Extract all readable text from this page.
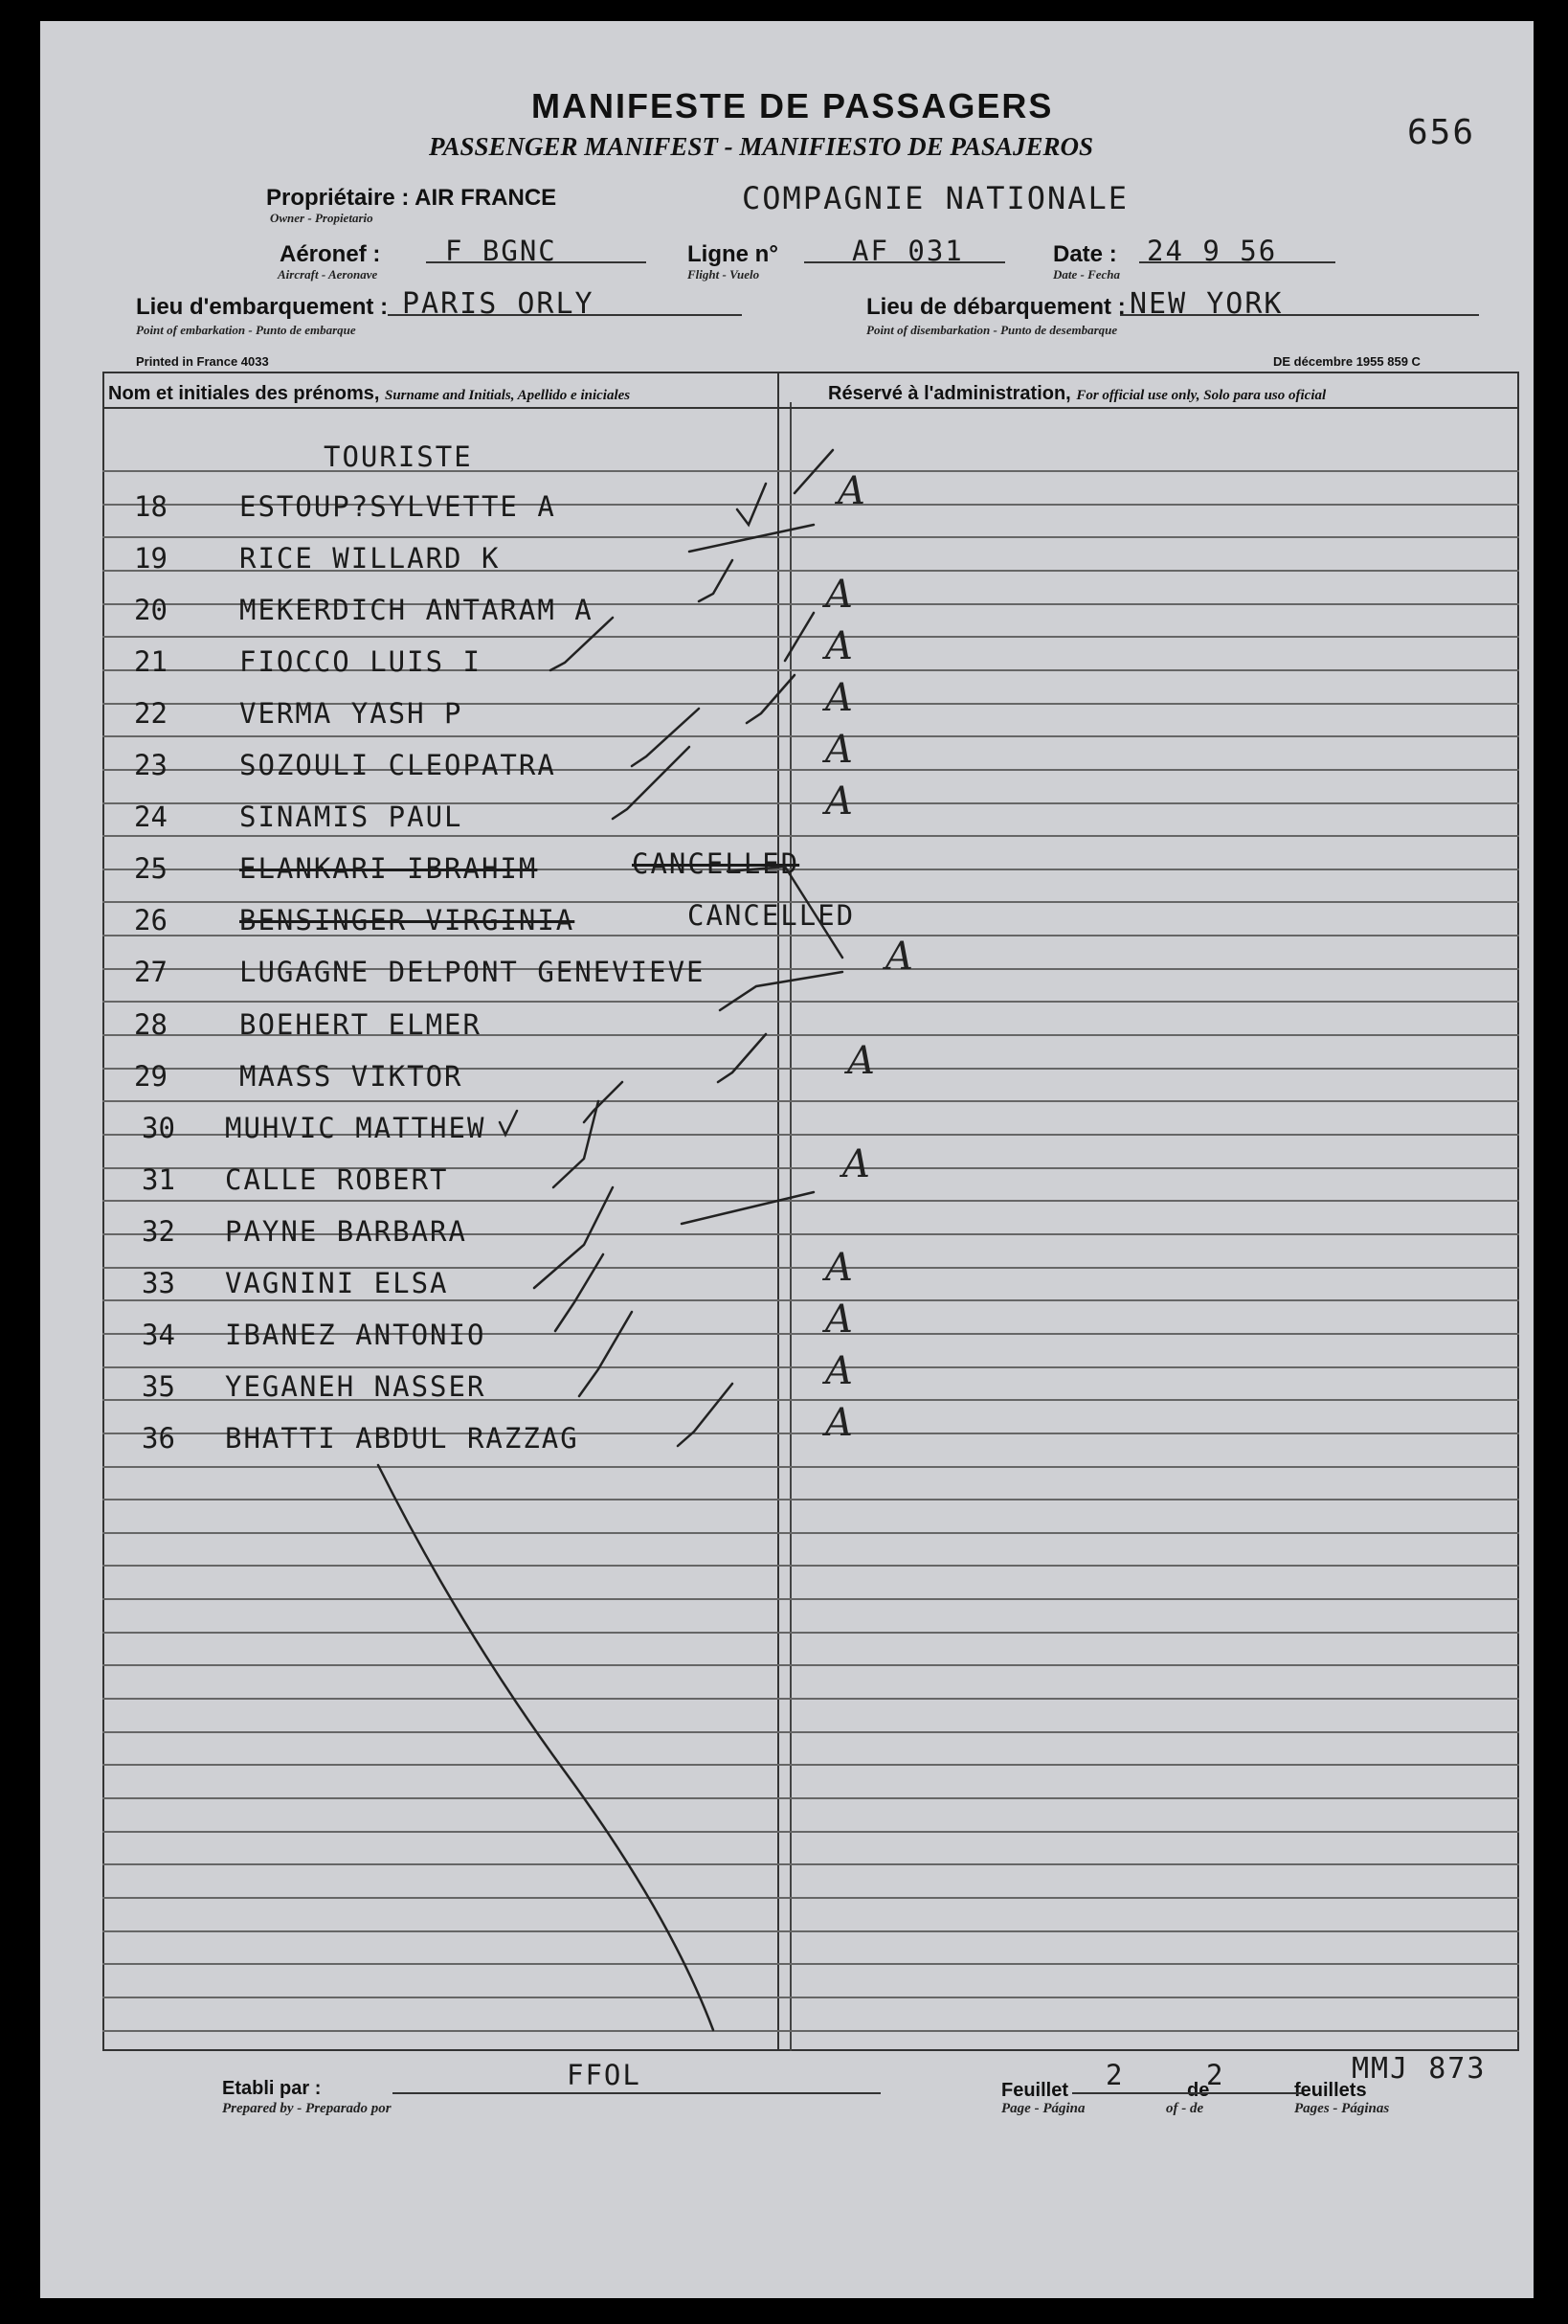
MANIFESTE DE PASSAGERS
PASSENGER MANIFEST - MANIFIESTO DE PASAJEROS	656
Propriétaire : AIR FRANCE
Owner - Propietario
COMPAGNIE NATIONALE
Aéronef :
Aircraft - Aeronave
F BGNC	Ligne n°
Flight - Vuelo
AF 031	Date :
Date - Fecha
24 9 56
Lieu d'embarquement :
Point of embarkation - Punto de embarque
PARIS ORLY	Lieu de débarquement :
Point of disembarkation - Punto de desembarque
NEW YORK
Printed in France 4033	DE décembre 1955 859 C
Nom et initiales des prénoms, Surname and Initials, Apellido e iniciales	Réservé à l'administration, For official use only, Solo para uso oficial
TOURISTE
18	ESTOUP?SYLVETTE A	A
19	RICE WILLARD K
20	MEKERDICH ANTARAM A	A
21	FIOCCO LUIS I	A
22	VERMA YASH P	A
23	SOZOULI CLEOPATRA	A
24	SINAMIS PAUL	A
25	ELANKARI IBRAHIM	CANCELLED
26	BENSINGER VIRGINIA	CANCELLED
27	LUGAGNE DELPONT GENEVIEVE	A
28	BOEHERT ELMER
29	MAASS VIKTOR	A
30 MUHVIC MATTHEW
31 CALLE ROBERT	A
32 PAYNE BARBARA
33 VAGNINI ELSA	A
34 IBANEZ ANTONIO	A
35 YEGANEH NASSER	A
36 BHATTI ABDUL RAZZAG	A
Etabli par :
Prepared by - Preparado por
FFOL	Feuillet 2	de
2	feuillets
Page - Página	of - de	Pages - Páginas
MMJ 873
